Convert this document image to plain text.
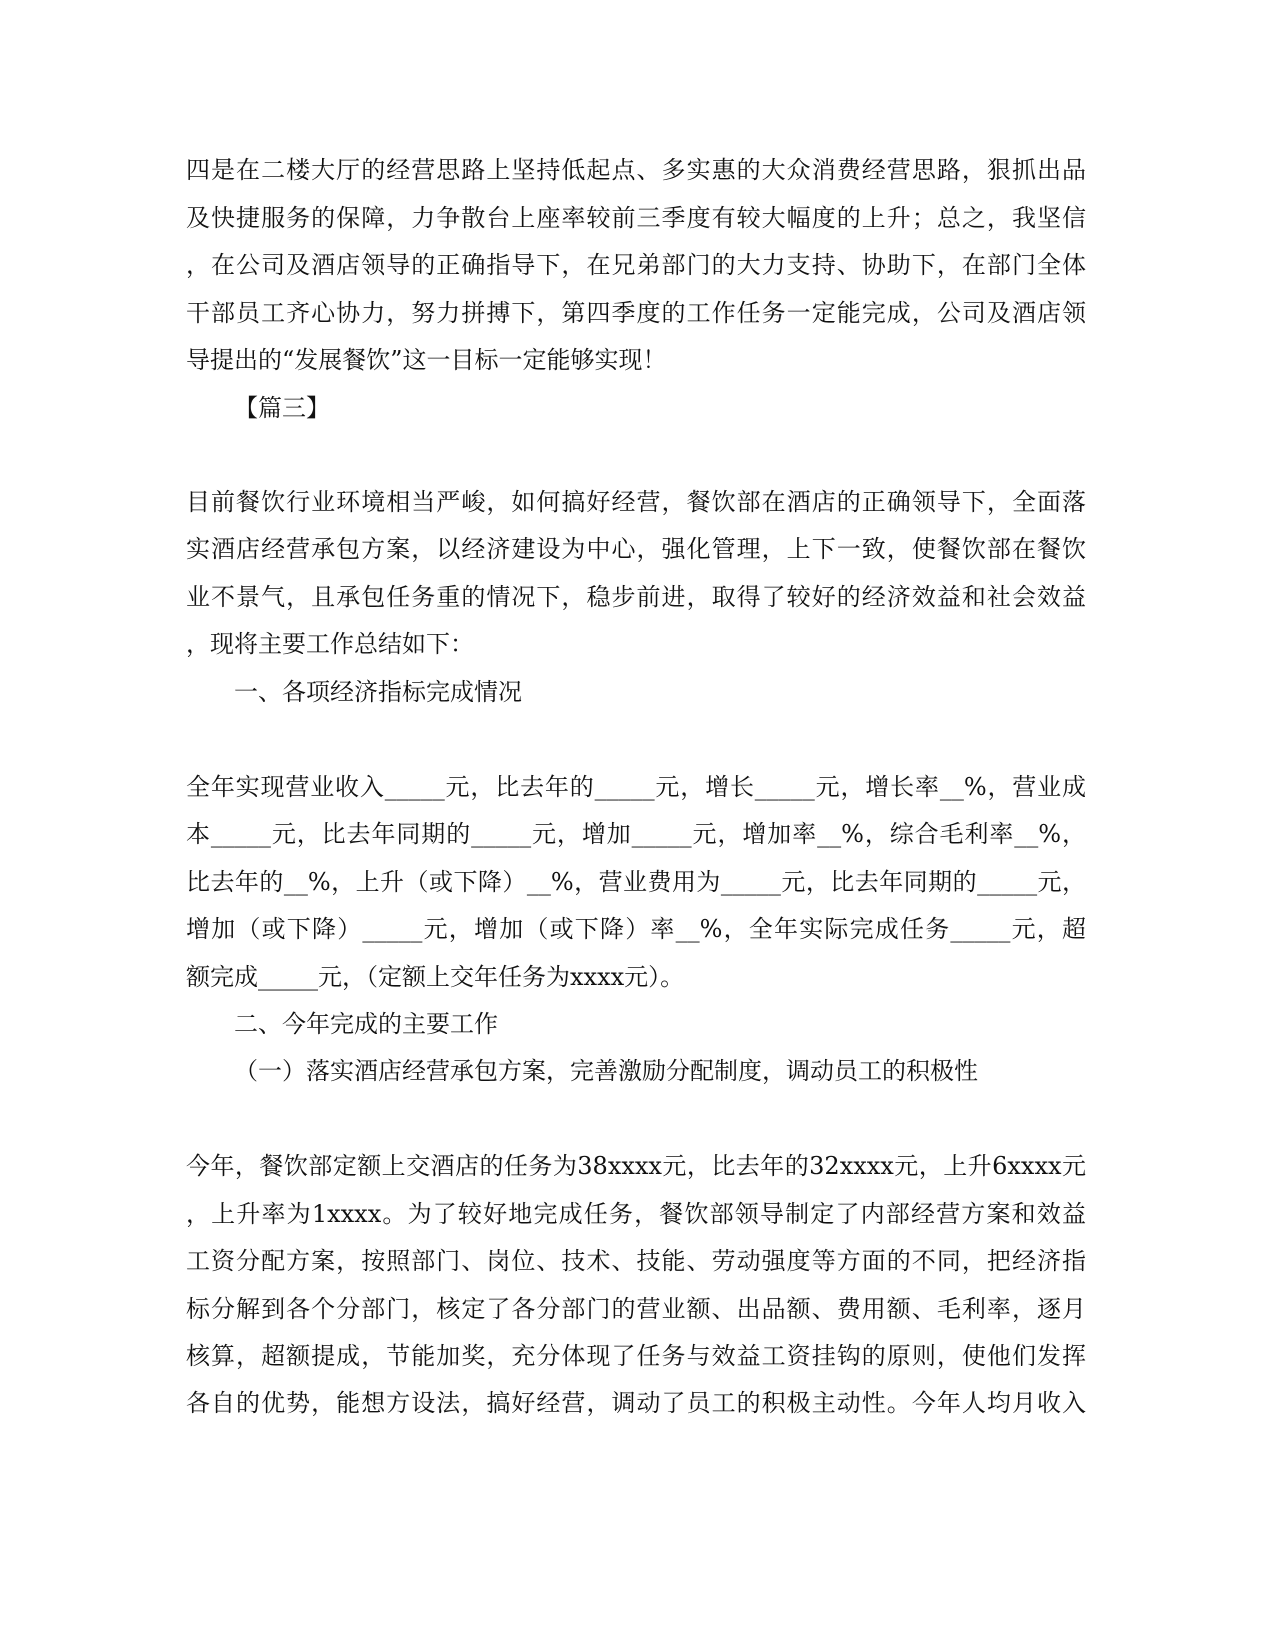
四是在二楼大厅的经营思路上坚持低起点、多实惠的大众消费经营思路，狠抓出品
及快捷服务的保障，力争散台上座率较前三季度有较大幅度的上升；总之，我坚信
，在公司及酒店领导的正确指导下，在兄弟部门的大力支持、协助下，在部门全体
干部员工齐心协力，努力拼搏下，第四季度的工作任务一定能完成，公司及酒店领
导提出的“发展餐饮”这一目标一定能够实现！
【篇三】
目前餐饮行业环境相当严峻，如何搞好经营，餐饮部在酒店的正确领导下，全面落
实酒店经营承包方案，以经济建设为中心，强化管理，上下一致，使餐饮部在餐饮
业不景气，且承包任务重的情况下，稳步前进，取得了较好的经济效益和社会效益
，现将主要工作总结如下：
一、各项经济指标完成情况
全年实现营业收入_____元，比去年的_____元，增长_____元，增长率__%，营业成
本_____元，比去年同期的_____元，增加_____元，增加率__%，综合毛利率__%，
比去年的__%，上升（或下降）__%，营业费用为_____元，比去年同期的_____元，
增加（或下降）_____元，增加（或下降）率__%，全年实际完成任务_____元，超
额完成_____元，（定额上交年任务为xxxx元）。
二、今年完成的主要工作
（一）落实酒店经营承包方案，完善激励分配制度，调动员工的积极性
今年，餐饮部定额上交酒店的任务为38xxxx元，比去年的32xxxx元，上升6xxxx元
，上升率为1xxxx。为了较好地完成任务，餐饮部领导制定了内部经营方案和效益
工资分配方案，按照部门、岗位、技术、技能、劳动强度等方面的不同，把经济指
标分解到各个分部门，核定了各分部门的营业额、出品额、费用额、毛利率，逐月
核算，超额提成，节能加奖，充分体现了任务与效益工资挂钩的原则，使他们发挥
各自的优势，能想方设法，搞好经营，调动了员工的积极主动性。今年人均月收入
